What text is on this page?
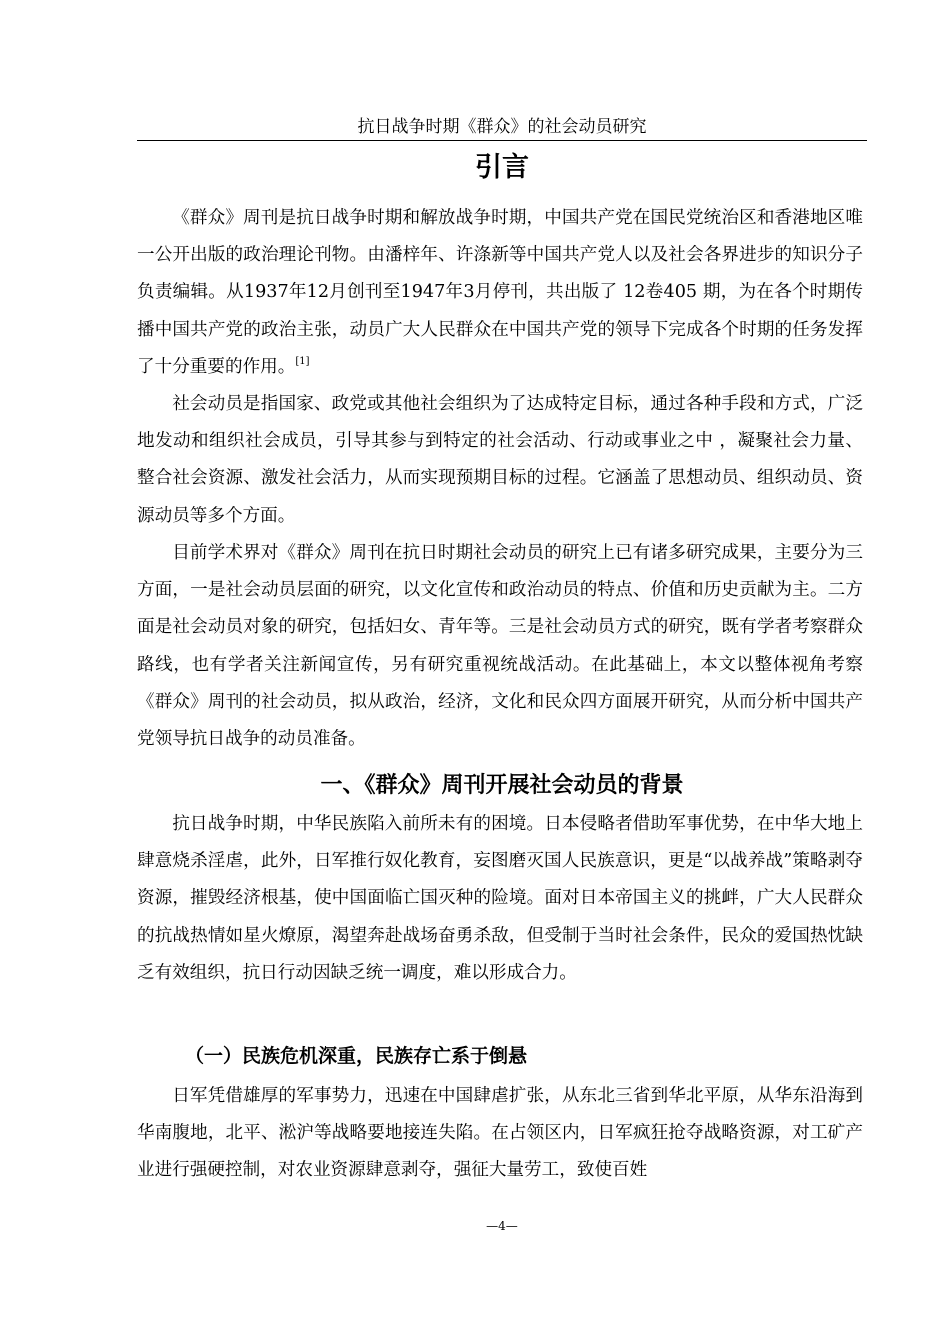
抗日战争时期《群众》的社会动员研究
引言

《群众》周刊是抗日战争时期和解放战争时期，中国共产党在国民党统治区和香港地区唯一公开出版的政治理论刊物。由潘梓年、许涤新等中国共产党人以及社会各界进步的知识分子负责编辑。从1937年12月创刊至1947年3月停刊，共出版了 12卷405 期，为在各个时期传播中国共产党的政治主张，动员广大人民群众在中国共产党的领导下完成各个时期的任务发挥了十分重要的作用。[1]

社会动员是指国家、政党或其他社会组织为了达成特定目标，通过各种手段和方式，广泛地发动和组织社会成员，引导其参与到特定的社会活动、行动或事业之中 ，凝聚社会力量、整合社会资源、激发社会活力，从而实现预期目标的过程。它涵盖了思想动员、组织动员、资源动员等多个方面。

目前学术界对《群众》周刊在抗日时期社会动员的研究上已有诸多研究成果，主要分为三方面，一是社会动员层面的研究，以文化宣传和政治动员的特点、价值和历史贡献为主。二方面是社会动员对象的研究，包括妇女、青年等。三是社会动员方式的研究，既有学者考察群众路线，也有学者关注新闻宣传，另有研究重视统战活动。在此基础上，本文以整体视角考察《群众》周刊的社会动员，拟从政治，经济，文化和民众四方面展开研究，从而分析中国共产党领导抗日战争的动员准备。

一、《群众》周刊开展社会动员的背景

抗日战争时期，中华民族陷入前所未有的困境。日本侵略者借助军事优势，在中华大地上肆意烧杀淫虐，此外，日军推行奴化教育，妄图磨灭国人民族意识，更是“以战养战”策略剥夺资源，摧毁经济根基，使中国面临亡国灭种的险境。面对日本帝国主义的挑衅，广大人民群众的抗战热情如星火燎原，渴望奔赴战场奋勇杀敌，但受制于当时社会条件，民众的爱国热忱缺乏有效组织，抗日行动因缺乏统一调度，难以形成合力。

（一）民族危机深重，民族存亡系于倒悬

日军凭借雄厚的军事势力，迅速在中国肆虐扩张，从东北三省到华北平原，从华东沿海到华南腹地，北平、淞沪等战略要地接连失陷。在占领区内，日军疯狂抢夺战略资源，对工矿产业进行强硬控制，对农业资源肆意剥夺，强征大量劳工，致使百姓

—4—
